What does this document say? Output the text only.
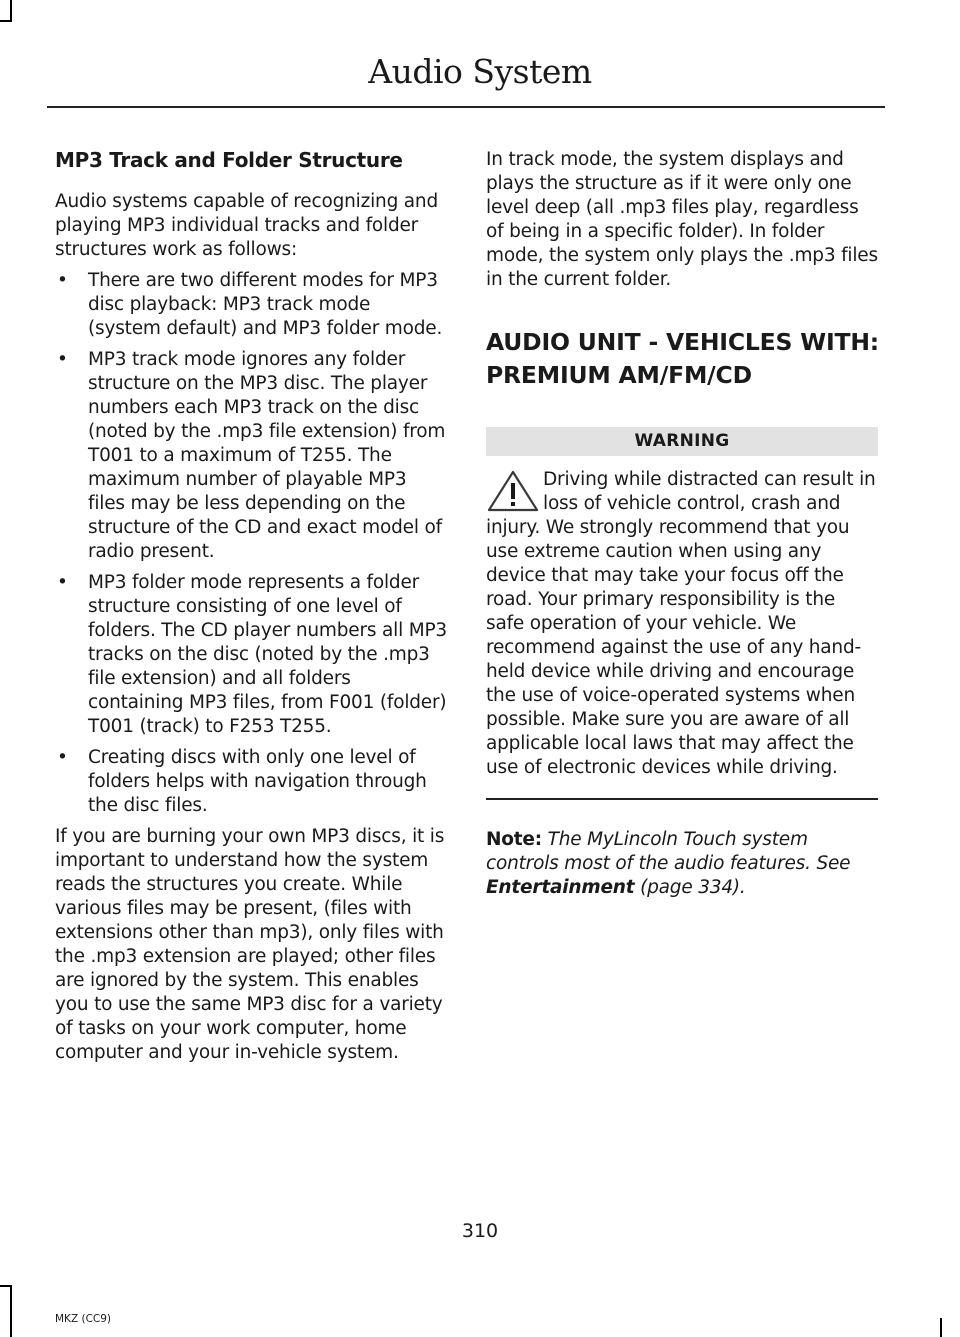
Audio System
MP3 Track and Folder Structure

Audio systems capable of recognizing and playing MP3 individual tracks and folder structures work as follows:

• There are two different modes for MP3 disc playback: MP3 track mode (system default) and MP3 folder mode.
• MP3 track mode ignores any folder structure on the MP3 disc. The player numbers each MP3 track on the disc (noted by the .mp3 file extension) from T001 to a maximum of T255. The maximum number of playable MP3 files may be less depending on the structure of the CD and exact model of radio present.
• MP3 folder mode represents a folder structure consisting of one level of folders. The CD player numbers all MP3 tracks on the disc (noted by the .mp3 file extension) and all folders containing MP3 files, from F001 (folder) T001 (track) to F253 T255.
• Creating discs with only one level of folders helps with navigation through the disc files.

If you are burning your own MP3 discs, it is important to understand how the system reads the structures you create. While various files may be present, (files with extensions other than mp3), only files with the .mp3 extension are played; other files are ignored by the system. This enables you to use the same MP3 disc for a variety of tasks on your work computer, home computer and your in-vehicle system.

In track mode, the system displays and plays the structure as if it were only one level deep (all .mp3 files play, regardless of being in a specific folder). In folder mode, the system only plays the .mp3 files in the current folder.

AUDIO UNIT - VEHICLES WITH:
PREMIUM AM/FM/CD
WARNING
Driving while distracted can result in loss of vehicle control, crash and injury. We strongly recommend that you use extreme caution when using any device that may take your focus off the road. Your primary responsibility is the safe operation of your vehicle. We recommend against the use of any hand-held device while driving and encourage the use of voice-operated systems when possible. Make sure you are aware of all applicable local laws that may affect the use of electronic devices while driving.

Note: The MyLincoln Touch system controls most of the audio features. See Entertainment (page 334).

310
MKZ (CC9)
